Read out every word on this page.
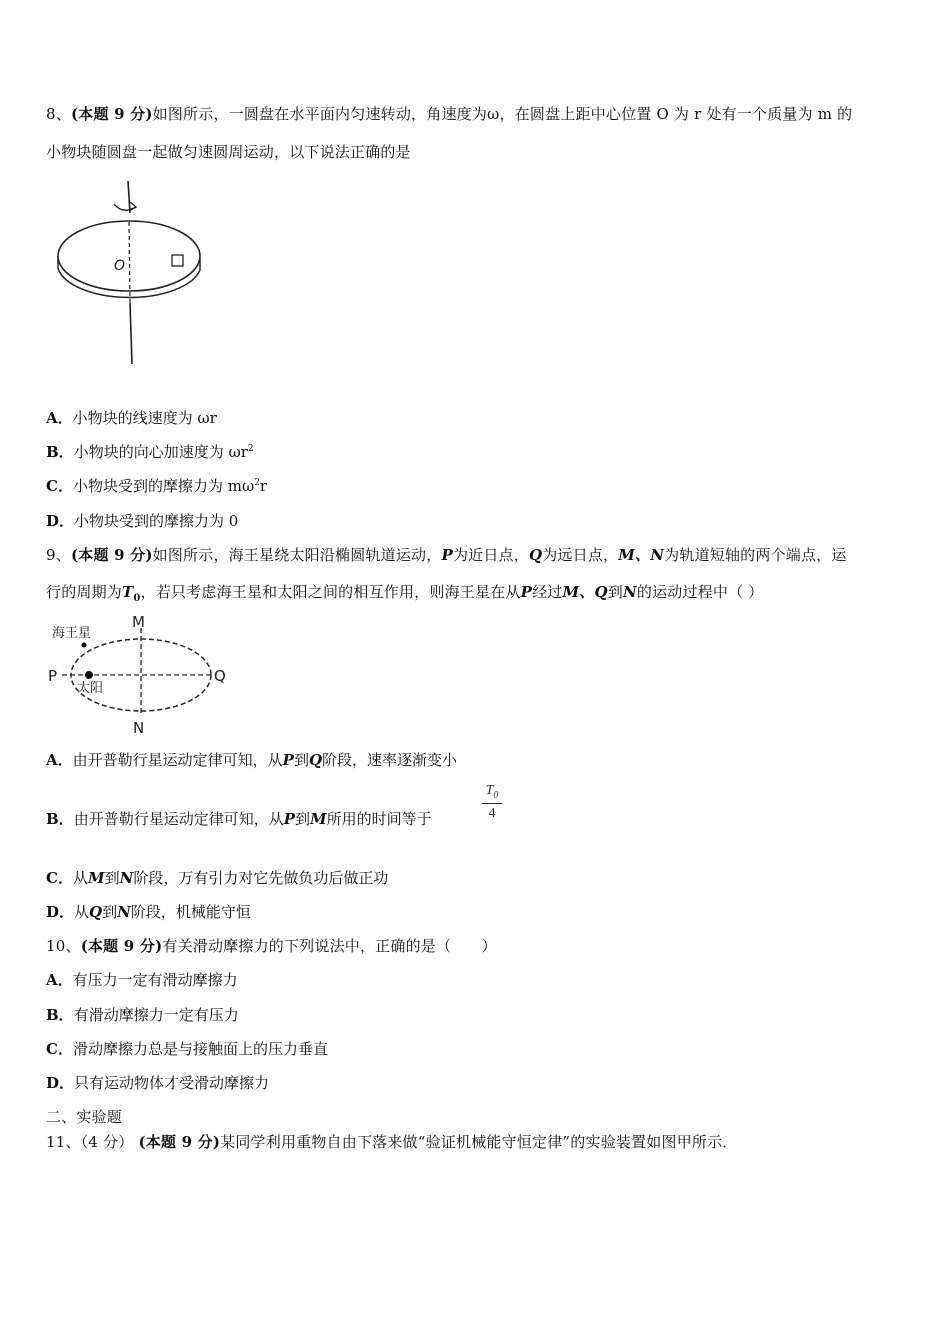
8、(本题 9 分)如图所示，一圆盘在水平面内匀速转动，角速度为ω，在圆盘上距中心位置 O 为 r 处有一个质量为 m 的
小物块随圆盘一起做匀速圆周运动，以下说法正确的是
O
A．小物块的线速度为 ωr
B．小物块的向心加速度为 $\omega r^2$
C．小物块受到的摩擦力为 $m\omega^2r$
D．小物块受到的摩擦力为 0
9、(本题 9 分)如图所示，海王星绕太阳沿椭圆轨道运动，P为近日点，Q为远日点，M、N为轨道短轴的两个端点，运
行的周期为$T_0$，若只考虑海王星和太阳之间的相互作用，则海王星在从P经过M、Q到N的运动过程中（ ）
M
N
P	Q
海王星
太阳
A．由开普勒行星运动定律可知，从P到Q阶段，速率逐渐变小
B．由开普勒行星运动定律可知，从P到M所用的时间等于
$T_0$
4
C．从M到N阶段，万有引力对它先做负功后做正功
D．从Q到N阶段，机械能守恒
10、(本题 9 分)有关滑动摩擦力的下列说法中，正确的是（　　）
A．有压力一定有滑动摩擦力
B．有滑动摩擦力一定有压力
C．滑动摩擦力总是与接触面上的压力垂直
D．只有运动物体才受滑动摩擦力
二、实验题
11、（4 分） (本题 9 分)某同学利用重物自由下落来做“验证机械能守恒定律”的实验装置如图甲所示．
